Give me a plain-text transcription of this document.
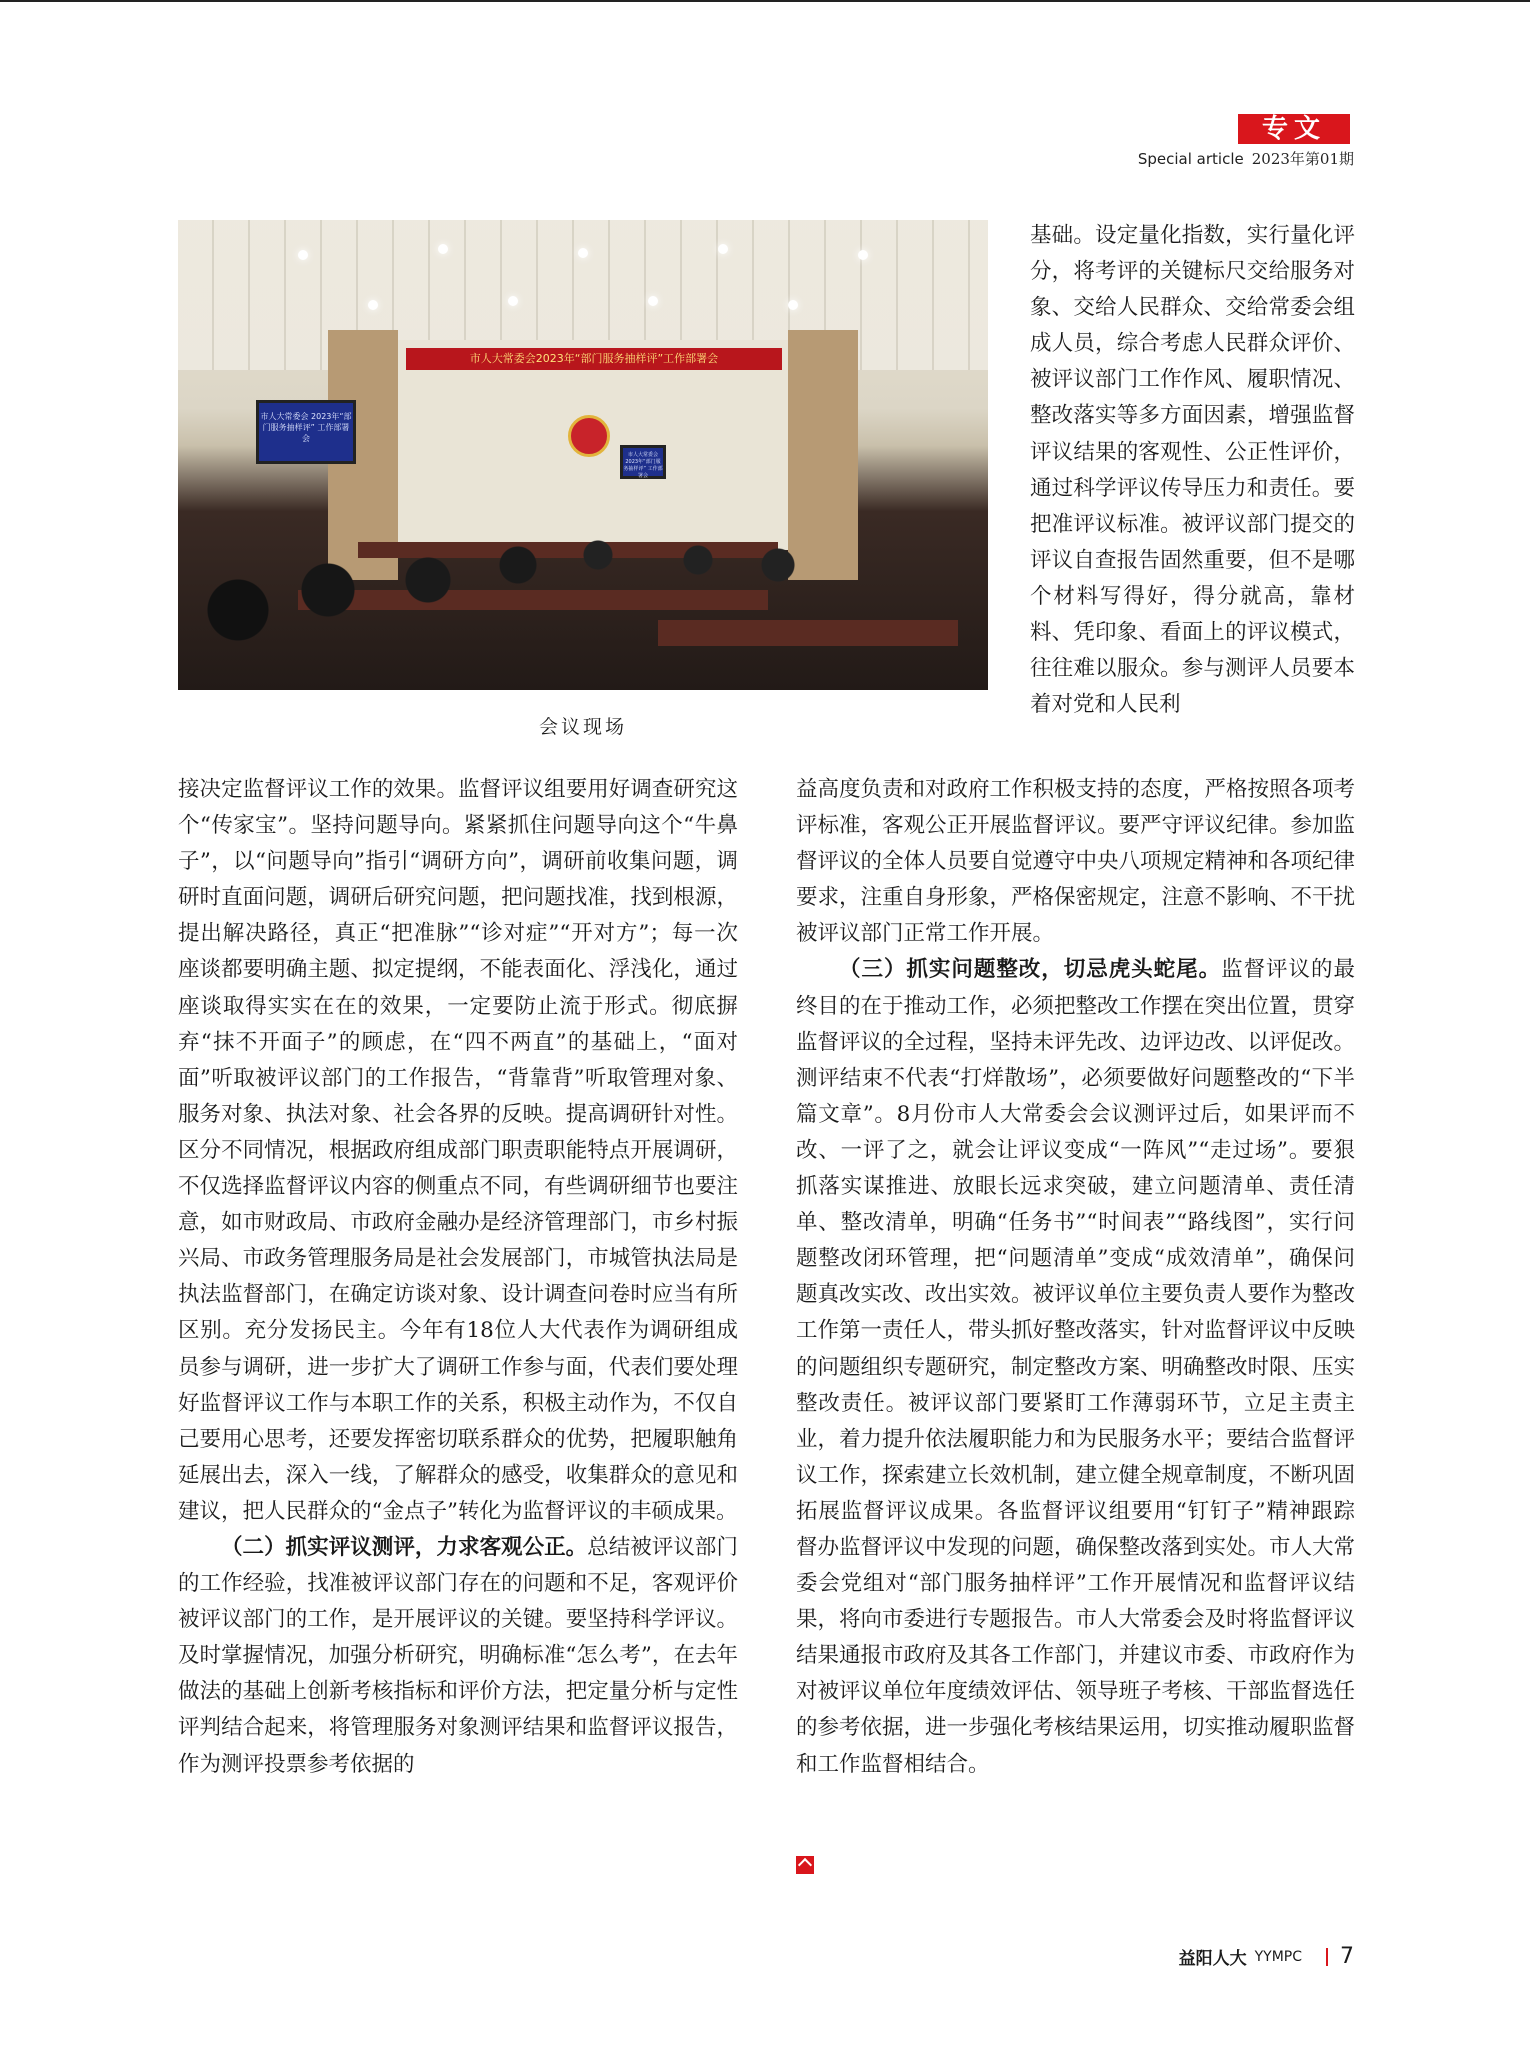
专文
Special article 2023年第01期
市人大常委会2023年“部门服务抽样评”工作部署会
市人大常委会 2023年“部门服务抽样评” 工作部署会
市人大常委会 2023年“部门服务抽样评” 工作部署会
会议现场

基础。设定量化指数，实行量化评分，将考评的关键标尺交给服务对象、交给人民群众、交给常委会组成人员，综合考虑人民群众评价、被评议部门工作作风、履职情况、整改落实等多方面因素，增强监督评议结果的客观性、公正性评价，通过科学评议传导压力和责任。要把准评议标准。被评议部门提交的评议自查报告固然重要，但不是哪个材料写得好，得分就高，靠材料、凭印象、看面上的评议模式，往往难以服众。参与测评人员要本着对党和人民利

接决定监督评议工作的效果。监督评议组要用好调查研究这个“传家宝”。坚持问题导向。紧紧抓住问题导向这个“牛鼻子”，以“问题导向”指引“调研方向”，调研前收集问题，调研时直面问题，调研后研究问题，把问题找准，找到根源，提出解决路径，真正“把准脉”“诊对症”“开对方”；每一次座谈都要明确主题、拟定提纲，不能表面化、浮浅化，通过座谈取得实实在在的效果，一定要防止流于形式。彻底摒弃“抹不开面子”的顾虑，在“四不两直”的基础上，“面对面”听取被评议部门的工作报告，“背靠背”听取管理对象、服务对象、执法对象、社会各界的反映。提高调研针对性。区分不同情况，根据政府组成部门职责职能特点开展调研，不仅选择监督评议内容的侧重点不同，有些调研细节也要注意，如市财政局、市政府金融办是经济管理部门，市乡村振兴局、市政务管理服务局是社会发展部门，市城管执法局是执法监督部门，在确定访谈对象、设计调查问卷时应当有所区别。充分发扬民主。今年有18位人大代表作为调研组成员参与调研，进一步扩大了调研工作参与面，代表们要处理好监督评议工作与本职工作的关系，积极主动作为，不仅自己要用心思考，还要发挥密切联系群众的优势，把履职触角延展出去，深入一线，了解群众的感受，收集群众的意见和建议，把人民群众的“金点子”转化为监督评议的丰硕成果。

（二）抓实评议测评，力求客观公正。总结被评议部门的工作经验，找准被评议部门存在的问题和不足，客观评价被评议部门的工作，是开展评议的关键。要坚持科学评议。及时掌握情况，加强分析研究，明确标准“怎么考”，在去年做法的基础上创新考核指标和评价方法，把定量分析与定性评判结合起来，将管理服务对象测评结果和监督评议报告，作为测评投票参考依据的

益高度负责和对政府工作积极支持的态度，严格按照各项考评标准，客观公正开展监督评议。要严守评议纪律。参加监督评议的全体人员要自觉遵守中央八项规定精神和各项纪律要求，注重自身形象，严格保密规定，注意不影响、不干扰被评议部门正常工作开展。

（三）抓实问题整改，切忌虎头蛇尾。监督评议的最终目的在于推动工作，必须把整改工作摆在突出位置，贯穿监督评议的全过程，坚持未评先改、边评边改、以评促改。测评结束不代表“打烊散场”，必须要做好问题整改的“下半篇文章”。8月份市人大常委会会议测评过后，如果评而不改、一评了之，就会让评议变成“一阵风”“走过场”。要狠抓落实谋推进、放眼长远求突破，建立问题清单、责任清单、整改清单，明确“任务书”“时间表”“路线图”，实行问题整改闭环管理，把“问题清单”变成“成效清单”，确保问题真改实改、改出实效。被评议单位主要负责人要作为整改工作第一责任人，带头抓好整改落实，针对监督评议中反映的问题组织专题研究，制定整改方案、明确整改时限、压实整改责任。被评议部门要紧盯工作薄弱环节，立足主责主业，着力提升依法履职能力和为民服务水平；要结合监督评议工作，探索建立长效机制，建立健全规章制度，不断巩固拓展监督评议成果。各监督评议组要用“钉钉子”精神跟踪督办监督评议中发现的问题，确保整改落到实处。市人大常委会党组对“部门服务抽样评”工作开展情况和监督评议结果，将向市委进行专题报告。市人大常委会及时将监督评议结果通报市政府及其各工作部门，并建议市委、市政府作为对被评议单位年度绩效评估、领导班子考核、干部监督选任的参考依据，进一步强化考核结果运用，切实推动履职监督和工作监督相结合。

益阳人大 YYMPC 7
